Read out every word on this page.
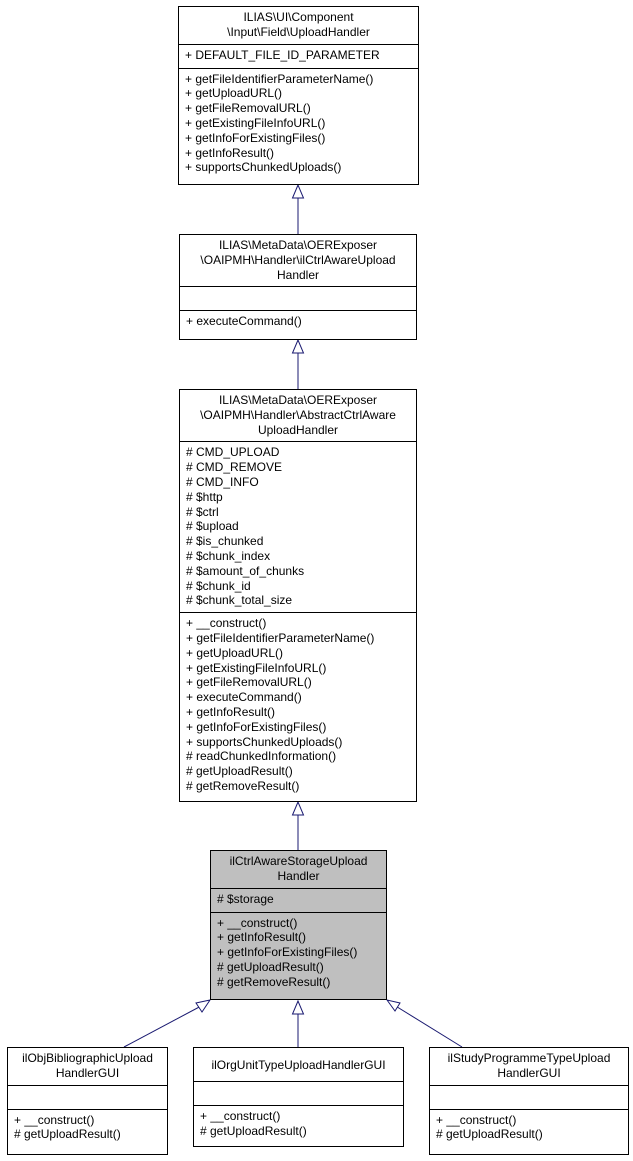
ILIAS\UI\Component
\Input\Field\UploadHandler
+ DEFAULT_FILE_ID_PARAMETER
+ getFileIdentifierParameterName()
+ getUploadURL()
+ getFileRemovalURL()
+ getExistingFileInfoURL()
+ getInfoForExistingFiles()
+ getInfoResult()
+ supportsChunkedUploads()
ILIAS\MetaData\OERExposer
\OAIPMH\Handler\ilCtrlAwareUpload
Handler
+ executeCommand()
ILIAS\MetaData\OERExposer
\OAIPMH\Handler\AbstractCtrlAware
UploadHandler
# CMD_UPLOAD
# CMD_REMOVE
# CMD_INFO
# $http
# $ctrl
# $upload
# $is_chunked
# $chunk_index
# $amount_of_chunks
# $chunk_id
# $chunk_total_size
+ __construct()
+ getFileIdentifierParameterName()
+ getUploadURL()
+ getExistingFileInfoURL()
+ getFileRemovalURL()
+ executeCommand()
+ getInfoResult()
+ getInfoForExistingFiles()
+ supportsChunkedUploads()
# readChunkedInformation()
# getUploadResult()
# getRemoveResult()
ilCtrlAwareStorageUpload
Handler
# $storage
+ __construct()
+ getInfoResult()
+ getInfoForExistingFiles()
# getUploadResult()
# getRemoveResult()
ilObjBibliographicUpload
HandlerGUI
+ __construct()
# getUploadResult()
ilOrgUnitTypeUploadHandlerGUI
+ __construct()
# getUploadResult()
ilStudyProgrammeTypeUpload
HandlerGUI
+ __construct()
# getUploadResult()
